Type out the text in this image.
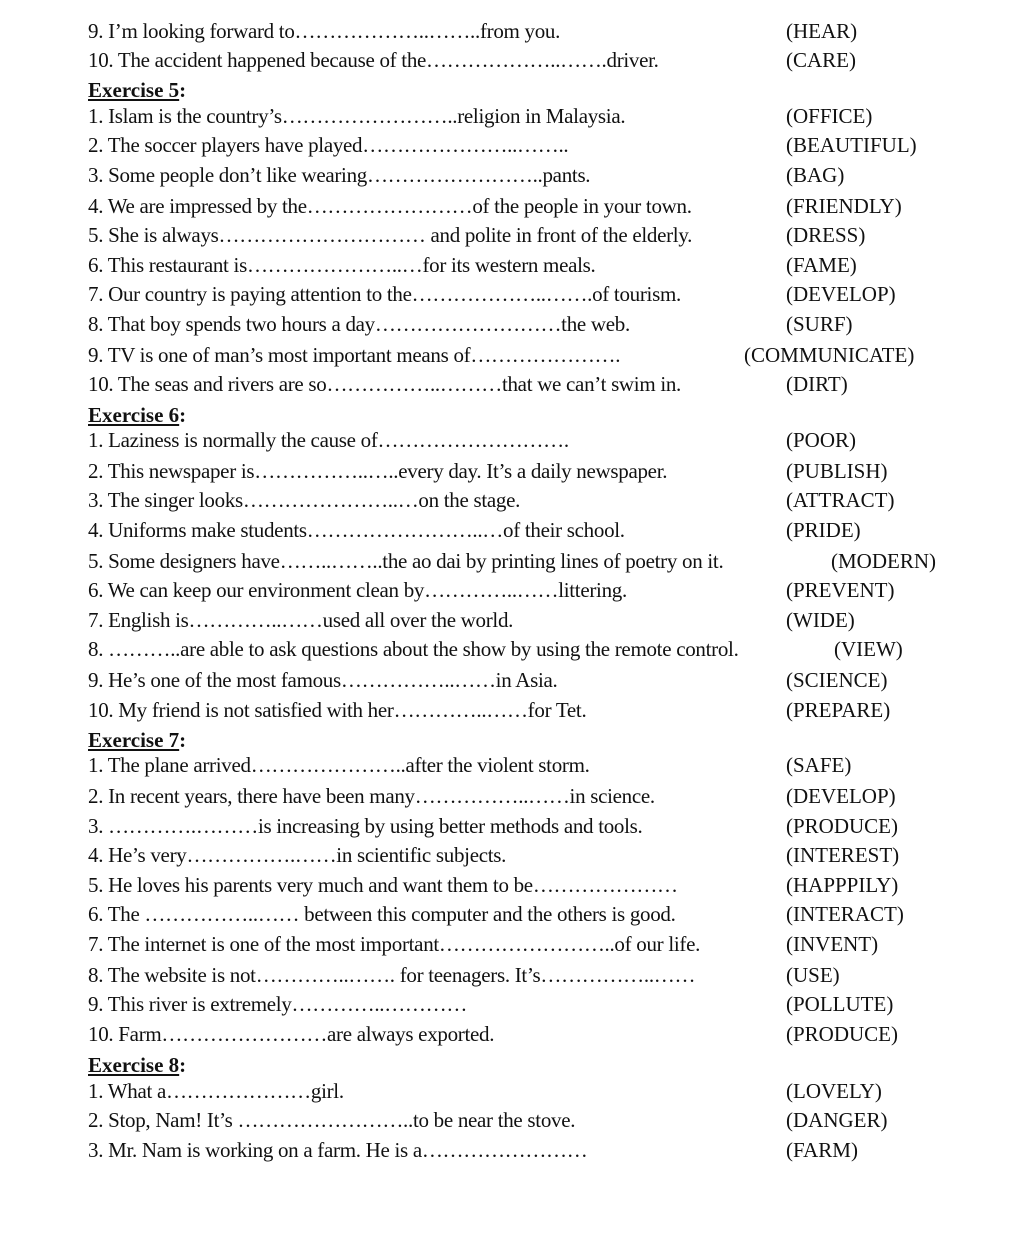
9. I’m looking forward to………………..……..from you.	(HEAR)
10. The accident happened because of the………………..…….driver.	(CARE)
Exercise 5:
1. Islam is the country’s……………………..religion in Malaysia.	(OFFICE)
2. The soccer players have played…………………..……..	(BEAUTIFUL)
3. Some people don’t like wearing……………………..pants.	(BAG)
4. We are impressed by the……………………of the people in your town.	(FRIENDLY)
5. She is always………………………… and polite in front of the elderly.	(DRESS)
6. This restaurant is…………………..…for its western meals.	(FAME)
7. Our country is paying attention to the………………..…….of tourism.	(DEVELOP)
8. That boy spends two hours a day………………………the web.	(SURF)
9. TV is one of man’s most important means of………………….	(COMMUNICATE)
10. The seas and rivers are so……………..………that we can’t swim in.	(DIRT)
Exercise 6:
1. Laziness is normally the cause of……………………….	(POOR)
2. This newspaper is……………..…..every day. It’s a daily newspaper.	(PUBLISH)
3. The singer looks…………………..…on the stage.	(ATTRACT)
4. Uniforms make students……………………..…of their school.	(PRIDE)
5. Some designers have……..……..the ao dai by printing lines of poetry on it.	(MODERN)
6. We can keep our environment clean by…………..……littering.	(PREVENT)
7. English is…………..……used all over the world.	(WIDE)
8. ………..are able to ask questions about the show by using the remote control.	(VIEW)
9. He’s one of the most famous……………..……in Asia.	(SCIENCE)
10. My friend is not satisfied with her…………..……for Tet.	(PREPARE)
Exercise 7:
1. The plane arrived…………………..after the violent storm.	(SAFE)
2. In recent years, there have been many……………..……in science.	(DEVELOP)
3. ………….………is increasing by using better methods and tools.	(PRODUCE)
4. He’s very…………….……in scientific subjects.	(INTEREST)
5. He loves his parents very much and want them to be…………………	(HAPPPILY)
6. The ……………..…… between this computer and the others is good.	(INTERACT)
7. The internet is one of the most important……………………..of our life.	(INVENT)
8. The website is not…………..……. for teenagers. It’s……………..……	(USE)
9. This river is extremely…………..…………	(POLLUTE)
10. Farm……………………are always exported.	(PRODUCE)
Exercise 8:
1. What a…………………girl.	(LOVELY)
2. Stop, Nam! It’s ……………………..to be near the stove.	(DANGER)
3. Mr. Nam is working on a farm. He is a……………………	(FARM)
